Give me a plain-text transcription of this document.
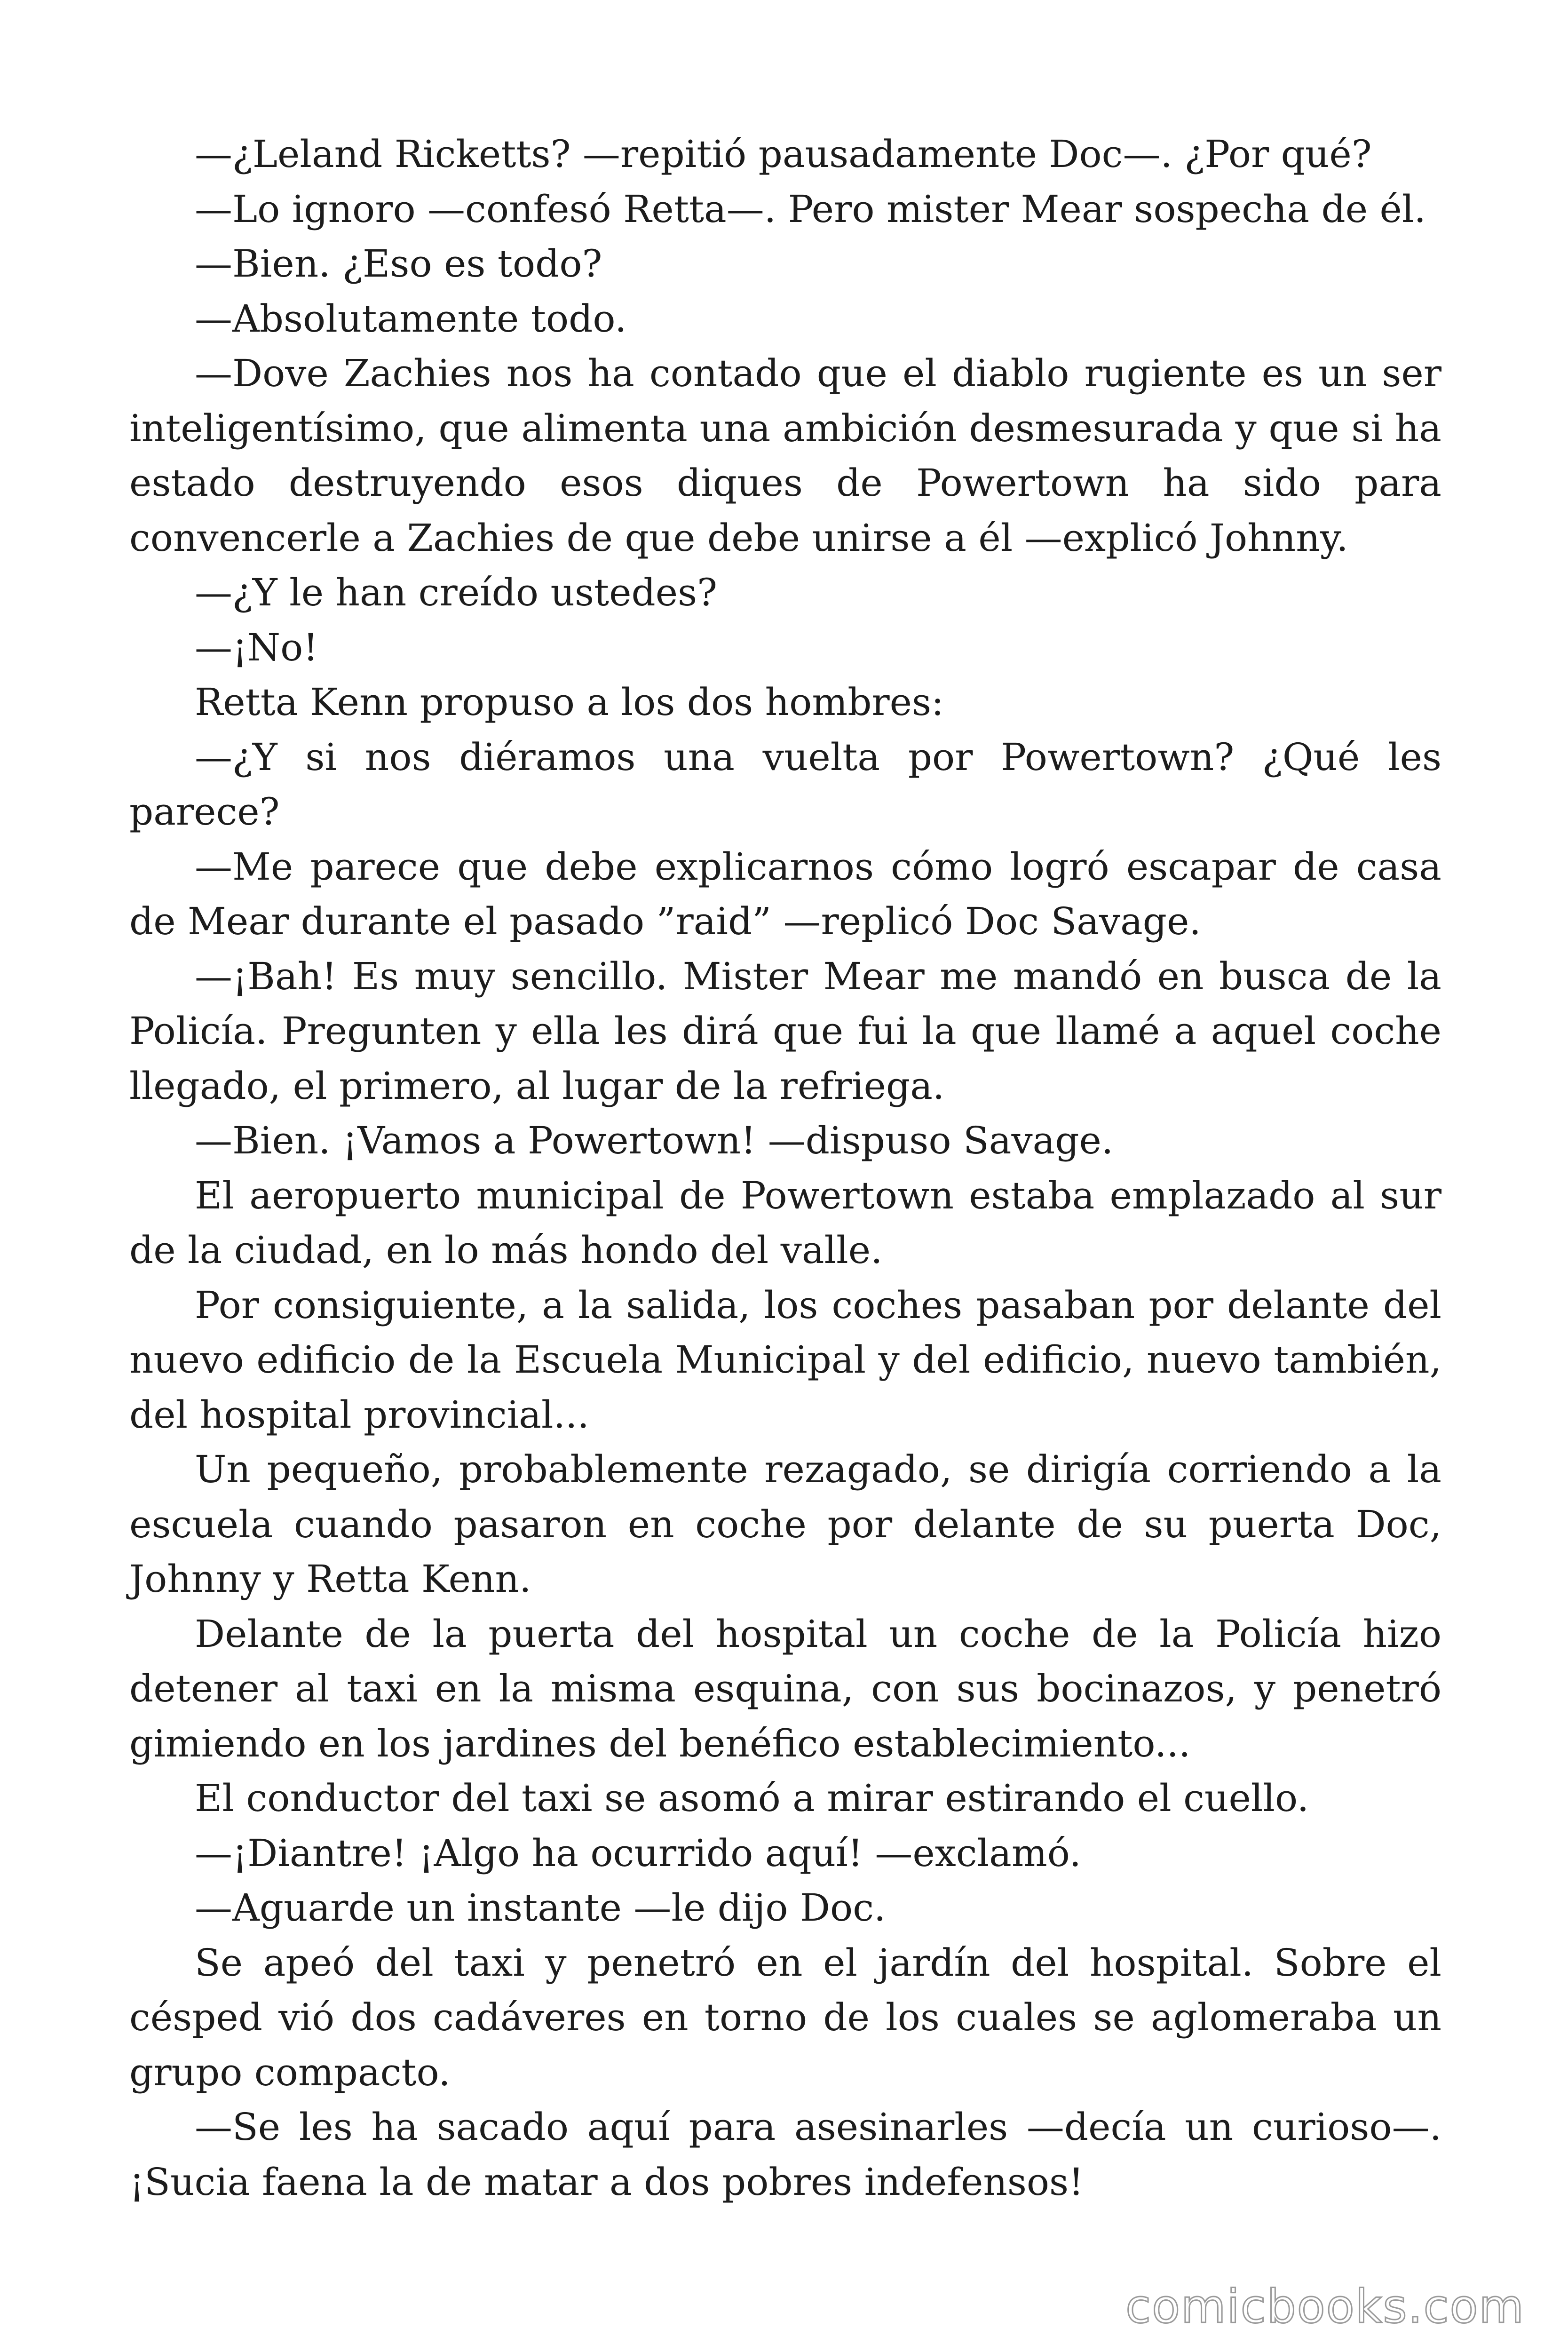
—¿Leland Ricketts? —repitió pausadamente Doc—. ¿Por qué?

—Lo ignoro —confesó Retta—. Pero mister Mear sospecha de él.

—Bien. ¿Eso es todo?

—Absolutamente todo.

—Dove Zachies nos ha contado que el diablo rugiente es un ser inteligentísimo, que alimenta una ambición desmesurada y que si ha estado destruyendo esos diques de Powertown ha sido para convencerle a Zachies de que debe unirse a él —explicó Johnny.

—¿Y le han creído ustedes?

—¡No!

Retta Kenn propuso a los dos hombres:

—¿Y si nos diéramos una vuelta por Powertown? ¿Qué les parece?

—Me parece que debe explicarnos cómo logró escapar de casa de Mear durante el pasado ”raid” —replicó Doc Savage.

—¡Bah! Es muy sencillo. Mister Mear me mandó en busca de la Policía. Pregunten y ella les dirá que fui la que llamé a aquel coche llegado, el primero, al lugar de la refriega.

—Bien. ¡Vamos a Powertown! —dispuso Savage.

El aeropuerto municipal de Powertown estaba emplazado al sur de la ciudad, en lo más hondo del valle.

Por consiguiente, a la salida, los coches pasaban por delante del nuevo edificio de la Escuela Municipal y del edificio, nuevo también, del hospital provincial...

Un pequeño, probablemente rezagado, se dirigía corriendo a la escuela cuando pasaron en coche por delante de su puerta Doc, Johnny y Retta Kenn.

Delante de la puerta del hospital un coche de la Policía hizo detener al taxi en la misma esquina, con sus bocinazos, y penetró gimiendo en los jardines del benéfico establecimiento...

El conductor del taxi se asomó a mirar estirando el cuello.

—¡Diantre! ¡Algo ha ocurrido aquí! —exclamó.

—Aguarde un instante —le dijo Doc.

Se apeó del taxi y penetró en el jardín del hospital. Sobre el césped vió dos cadáveres en torno de los cuales se aglomeraba un grupo compacto.

—Se les ha sacado aquí para asesinarles —decía un curioso—. ¡Sucia faena la de matar a dos pobres indefensos!

comicbooks.com
